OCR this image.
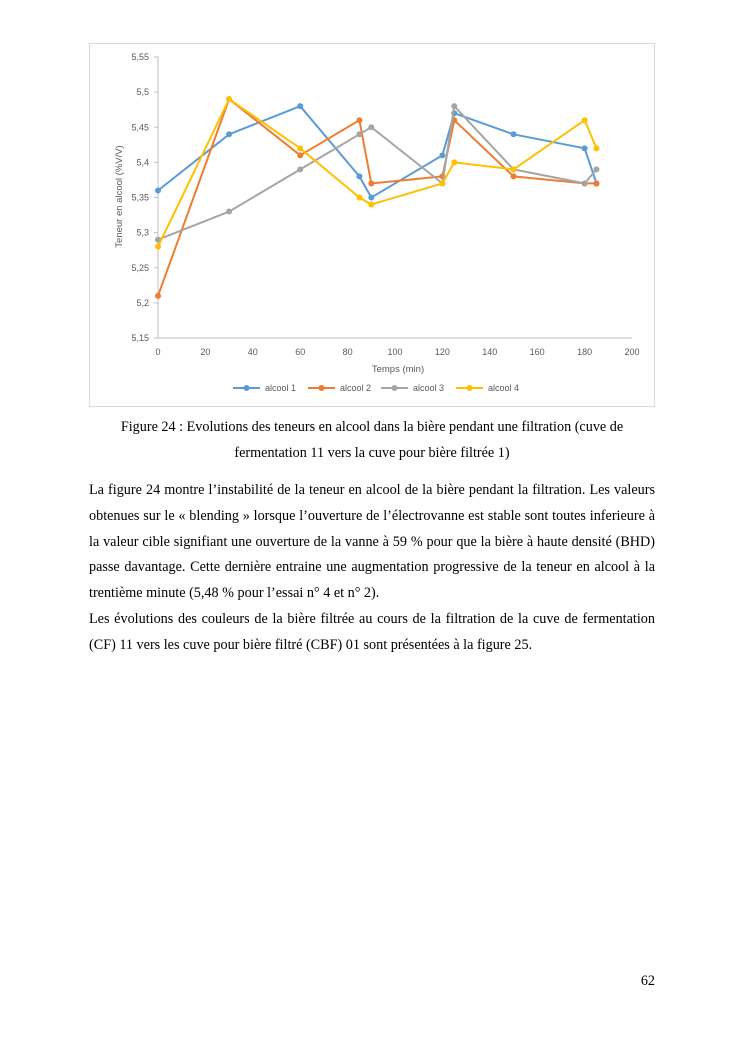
5,15
5,2
5,25
5,3
5,35
5,4
5,45
5,5
5,55
0	20	40	60	80	100	120	140	160	180	200
Temps (min)
Teneur en alcool (%V/V)
alcool 1	alcool 2	alcool 3	alcool 4
Figure 24 : Evolutions des teneurs en alcool dans la bière pendant une filtration (cuve de
fermentation 11 vers la cuve pour bière filtrée 1)

La figure 24 montre l’instabilité de la teneur en alcool de la bière pendant la filtration. Les valeurs obtenues sur le « blending » lorsque l’ouverture de l’électrovanne est stable sont toutes inferieure à la valeur cible signifiant une ouverture de la vanne à 59 % pour que la bière à haute densité (BHD) passe davantage. Cette dernière entraine une augmentation progressive de la teneur en alcool à la trentième minute (5,48 % pour l’essai n° 4 et n° 2).

Les évolutions des couleurs de la bière filtrée au cours de la filtration de la cuve de fermentation (CF) 11 vers les cuve pour bière filtré (CBF) 01 sont présentées à la figure 25.

62
